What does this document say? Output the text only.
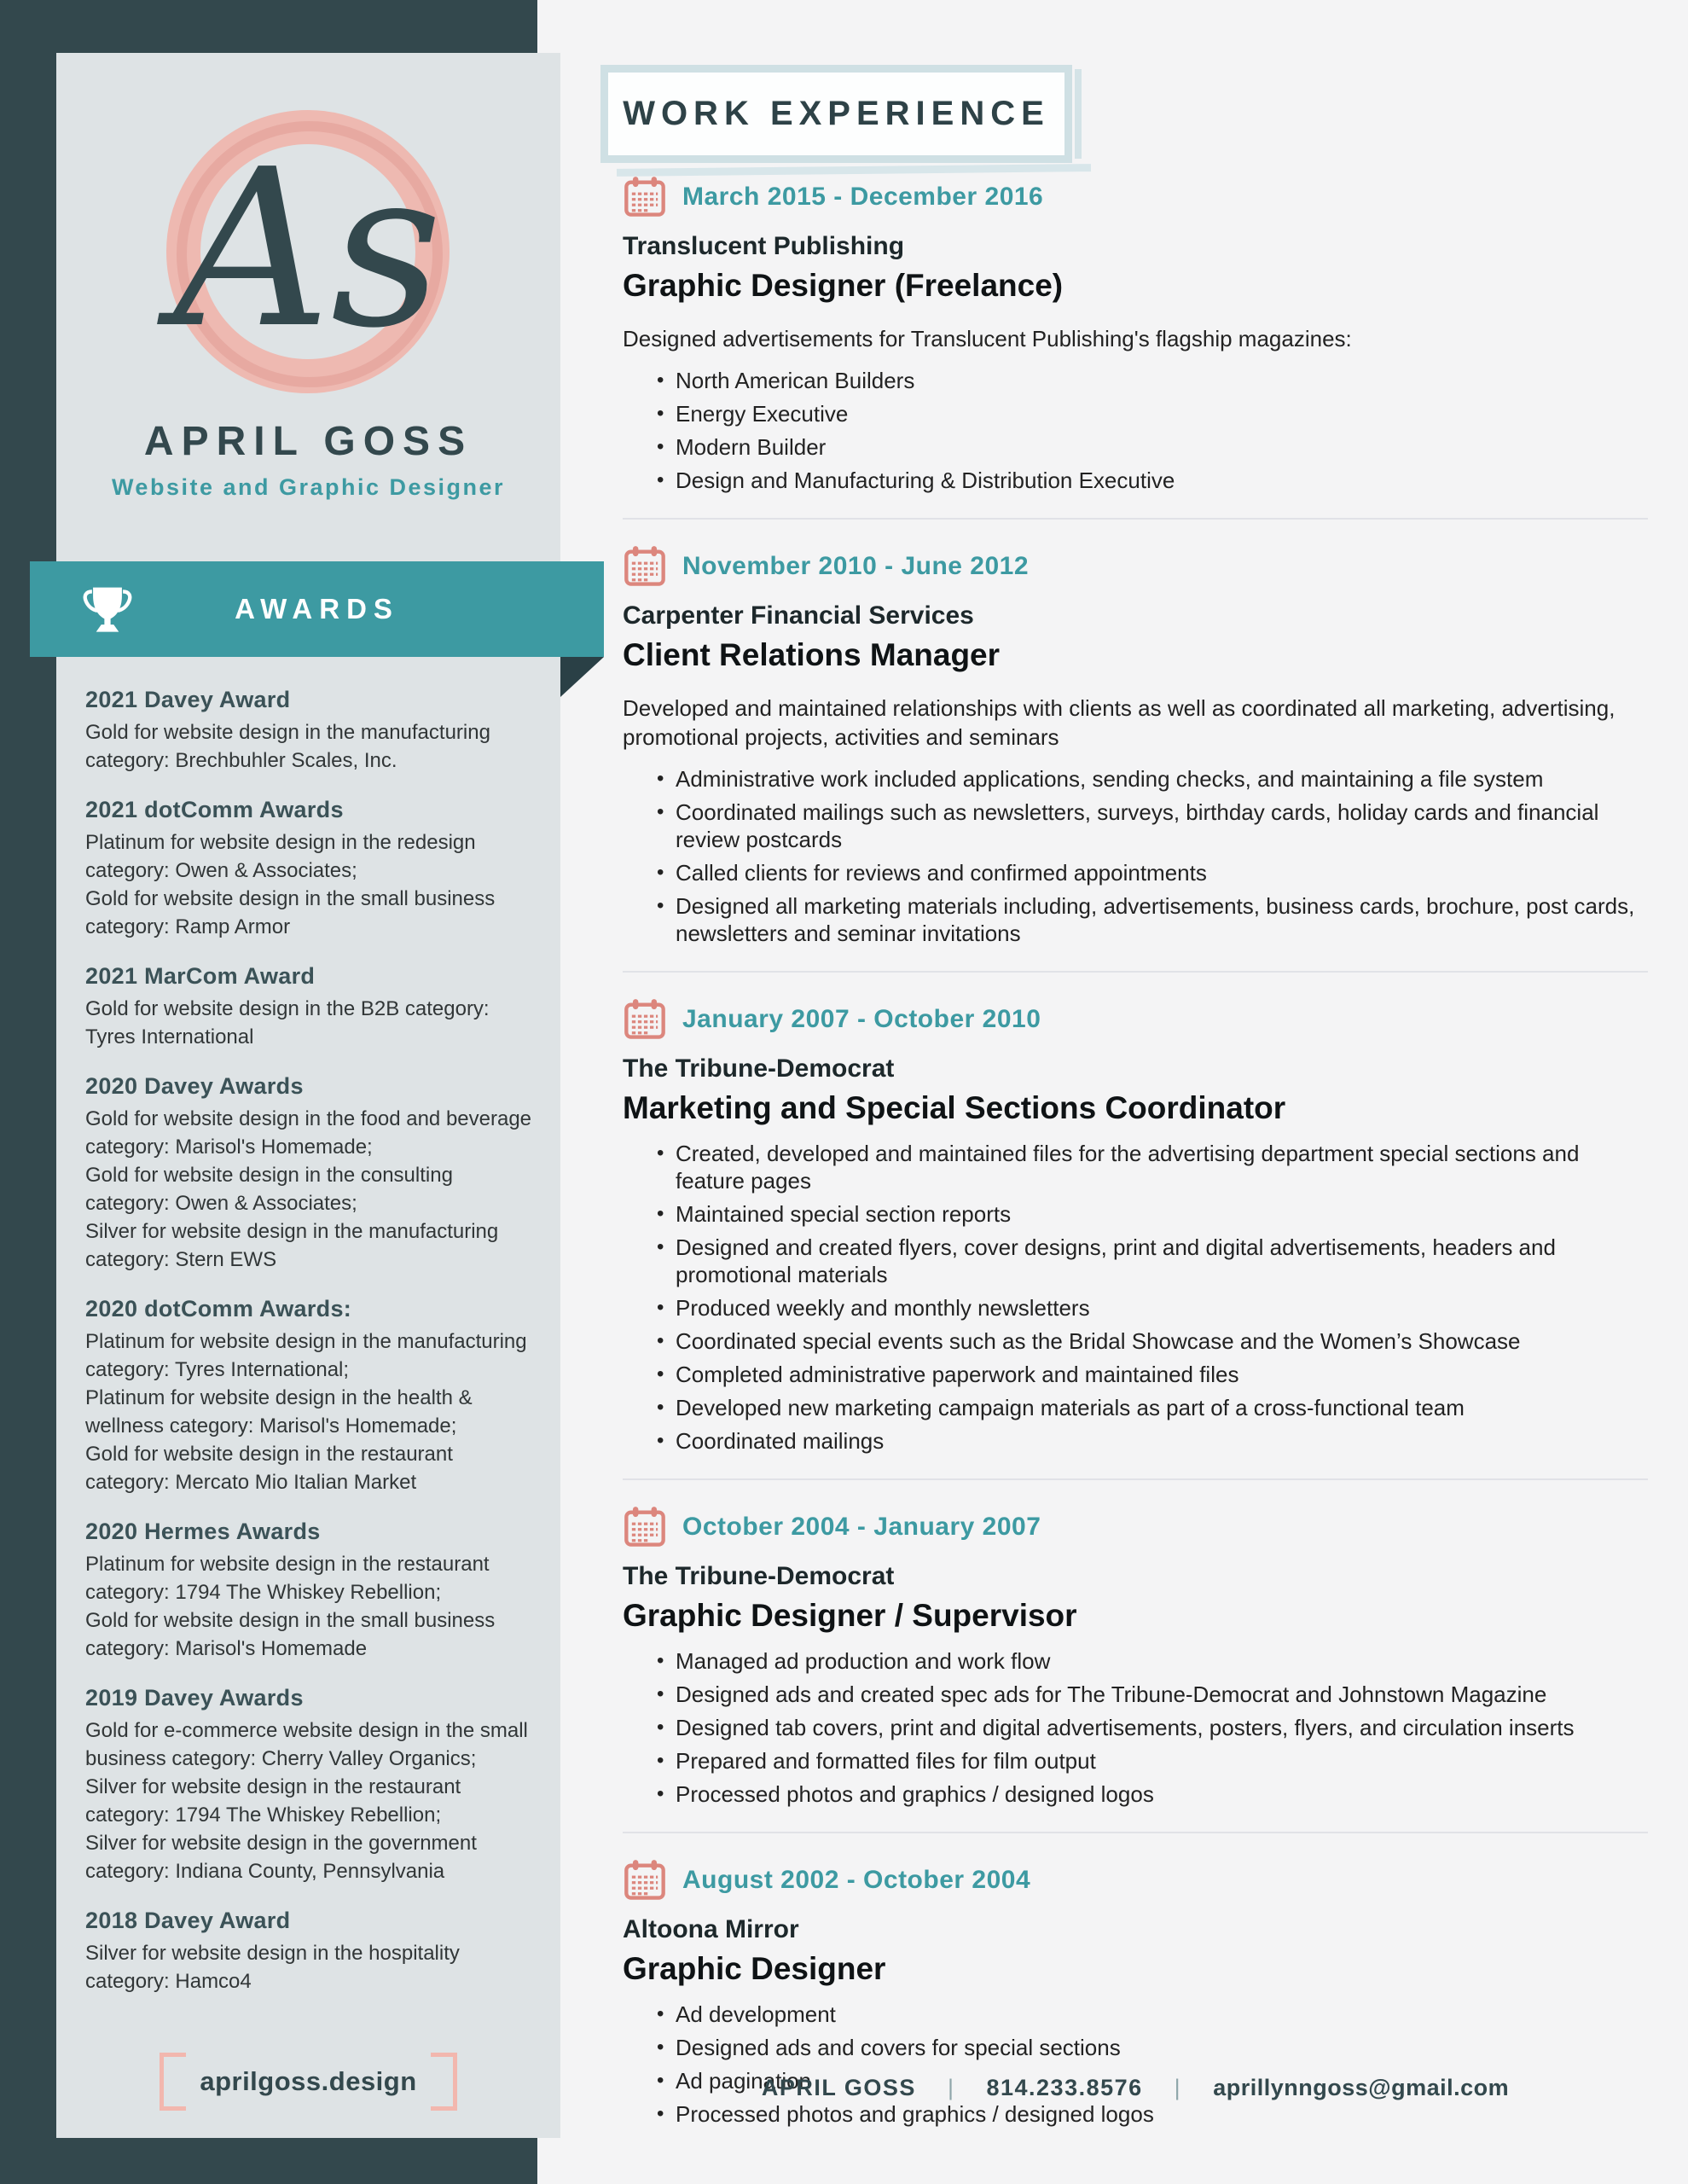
As
APRIL GOSS
Website and Graphic Designer
AWARDS
2021 Davey Award
Gold for website design in the manufacturing category: Brechbuhler Scales, Inc.
2021 dotComm Awards
Platinum for website design in the redesign category: Owen & Associates;
Gold for website design in the small business category: Ramp Armor
2021 MarCom Award
Gold for website design in the B2B category: Tyres International
2020 Davey Awards
Gold for website design in the food and beverage category: Marisol's Homemade;
Gold for website design in the consulting category: Owen & Associates;
Silver for website design in the manufacturing category: Stern EWS
2020 dotComm Awards:
Platinum for website design in the manufacturing category: Tyres International;
Platinum for website design in the health & wellness category: Marisol's Homemade;
Gold for website design in the restaurant category: Mercato Mio Italian Market
2020 Hermes Awards
Platinum for website design in the restaurant category: 1794 The Whiskey Rebellion;
Gold for website design in the small business category: Marisol's Homemade
2019 Davey Awards
Gold for e-commerce website design in the small business category: Cherry Valley Organics;
Silver for website design in the restaurant category: 1794 The Whiskey Rebellion;
Silver for website design in the government category: Indiana County, Pennsylvania
2018 Davey Award
Silver for website design in the hospitality category: Hamco4
aprilgoss.design
WORK EXPERIENCE
March 2015 - December 2016
Translucent Publishing
Graphic Designer (Freelance)
Designed advertisements for Translucent Publishing's flagship magazines:
• North American Builders
• Energy Executive
• Modern Builder
• Design and Manufacturing & Distribution Executive
November 2010 - June 2012
Carpenter Financial Services
Client Relations Manager
Developed and maintained relationships with clients as well as coordinated all marketing, advertising, promotional projects, activities and seminars
• Administrative work included applications, sending checks, and maintaining a file system
• Coordinated mailings such as newsletters, surveys, birthday cards, holiday cards and financial review postcards
• Called clients for reviews and confirmed appointments
• Designed all marketing materials including, advertisements, business cards, brochure, post cards, newsletters and seminar invitations
January 2007 - October 2010
The Tribune-Democrat
Marketing and Special Sections Coordinator
• Created, developed and maintained files for the advertising department special sections and feature pages
• Maintained special section reports
• Designed and created flyers, cover designs, print and digital advertisements, headers and promotional materials
• Produced weekly and monthly newsletters
• Coordinated special events such as the Bridal Showcase and the Women’s Showcase
• Completed administrative paperwork and maintained files
• Developed new marketing campaign materials as part of a cross-functional team
• Coordinated mailings
October 2004 - January 2007
The Tribune-Democrat
Graphic Designer / Supervisor
• Managed ad production and work flow
• Designed ads and created spec ads for The Tribune-Democrat and Johnstown Magazine
• Designed tab covers, print and digital advertisements, posters, flyers, and circulation inserts
• Prepared and formatted files for film output
• Processed photos and graphics / designed logos
August 2002 - October 2004
Altoona Mirror
Graphic Designer
• Ad development
• Designed ads and covers for special sections
• Ad pagination
• Processed photos and graphics / designed logos
APRIL GOSS | 814.233.8576 | aprillynngoss@gmail.com
